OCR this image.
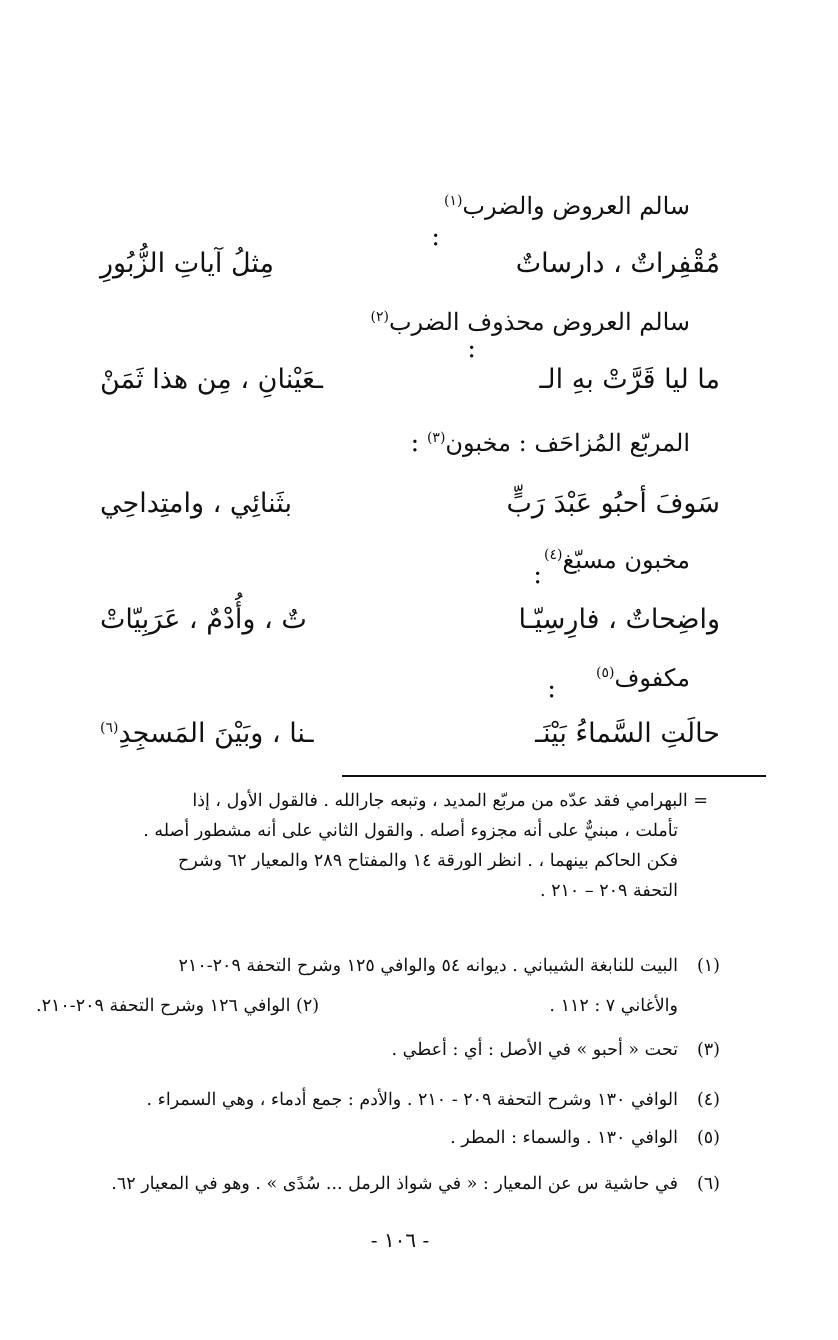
سالم العروض والضرب$^{(١)}$
:
مُقْفِراتٌ ، دارساتٌ
مِثلُ آياتِ الزُّبُورِ
سالم العروض محذوف الضرب$^{(٢)}$
:
ما ليا قَرَّتْ بهِ الـ
ـعَيْنانِ ، مِن هذا ثَمَنْ
المربّع المُزاحَف : مخبون$^{(٣)}$ :
سَوفَ أحبُو عَبْدَ رَبٍّ
بثَنائِي ، وامتِداحِي
مخبون مسبّغ$^{(٤)}$
:
واضِحاتٌ ، فارِسِيّـا
تٌ ، وأُدْمٌ ، عَرَبِيّاتْ
مكفوف$^{(٥)}$
:
حالَتِ السَّماءُ بَيْنَـ
ـنا ، وبَيْنَ المَسجِدِ$^{(٦)}$
= البهرامي فقد عدّه من مربّع المديد ، وتبعه جارالله . فالقول الأول ، إذا
تأملت ، مبنيٌّ على أنه مجزوء أصله . والقول الثاني على أنه مشطور أصله .
فكن الحاكم بينهما ، . انظر الورقة ١٤ والمفتاح ٢٨٩ والمعيار ٦٢ وشرح
التحفة ٢٠٩ – ٢١٠ .
(١)
البيت للنابغة الشيباني . ديوانه ٥٤ والوافي ١٢٥ وشرح التحفة ٢٠٩-٢١٠
والأغاني ٧ : ١١٢ .
(٢) الوافي ١٢٦ وشرح التحفة ٢٠٩-٢١٠.
(٣)
تحت « أحبو » في الأصل : أي : أعطي .
(٤)
الوافي ١٣٠ وشرح التحفة ٢٠٩ - ٢١٠ . والأدم : جمع أدماء ، وهي السمراء .
(٥)
الوافي ١٣٠ . والسماء : المطر .
(٦)
في حاشية س عن المعيار : « في شواذ الرمل ... سُدًى » . وهو في المعيار ٦٢.
- ١٠٦ -
